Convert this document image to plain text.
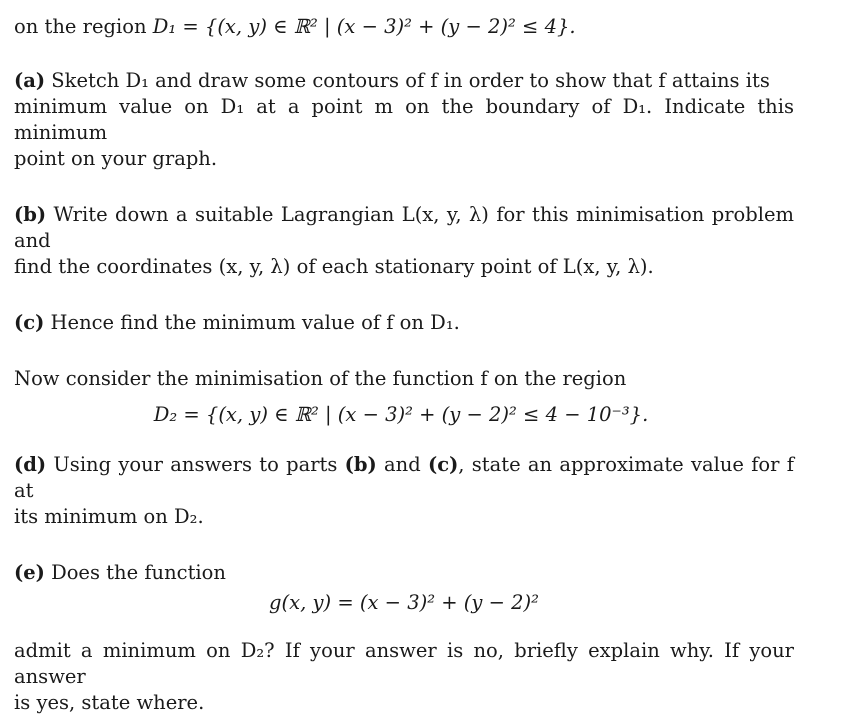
on the region D₁ = {(x, y) ∈ ℝ² | (x − 3)² + (y − 2)² ≤ 4}.

(a) Sketch D₁ and draw some contours of f in order to show that f attains its

minimum value on D₁ at a point m on the boundary of D₁. Indicate this minimum

point on your graph.

(b) Write down a suitable Lagrangian L(x, y, λ) for this minimisation problem and

find the coordinates (x, y, λ) of each stationary point of L(x, y, λ).

(c) Hence find the minimum value of f on D₁.

Now consider the minimisation of the function f on the region

D₂ = {(x, y) ∈ ℝ² | (x − 3)² + (y − 2)² ≤ 4 − 10⁻³}.

(d) Using your answers to parts (b) and (c), state an approximate value for f at

its minimum on D₂.

(e) Does the function

g(x, y) = (x − 3)² + (y − 2)²

admit a minimum on D₂? If your answer is no, briefly explain why. If your answer

is yes, state where.
